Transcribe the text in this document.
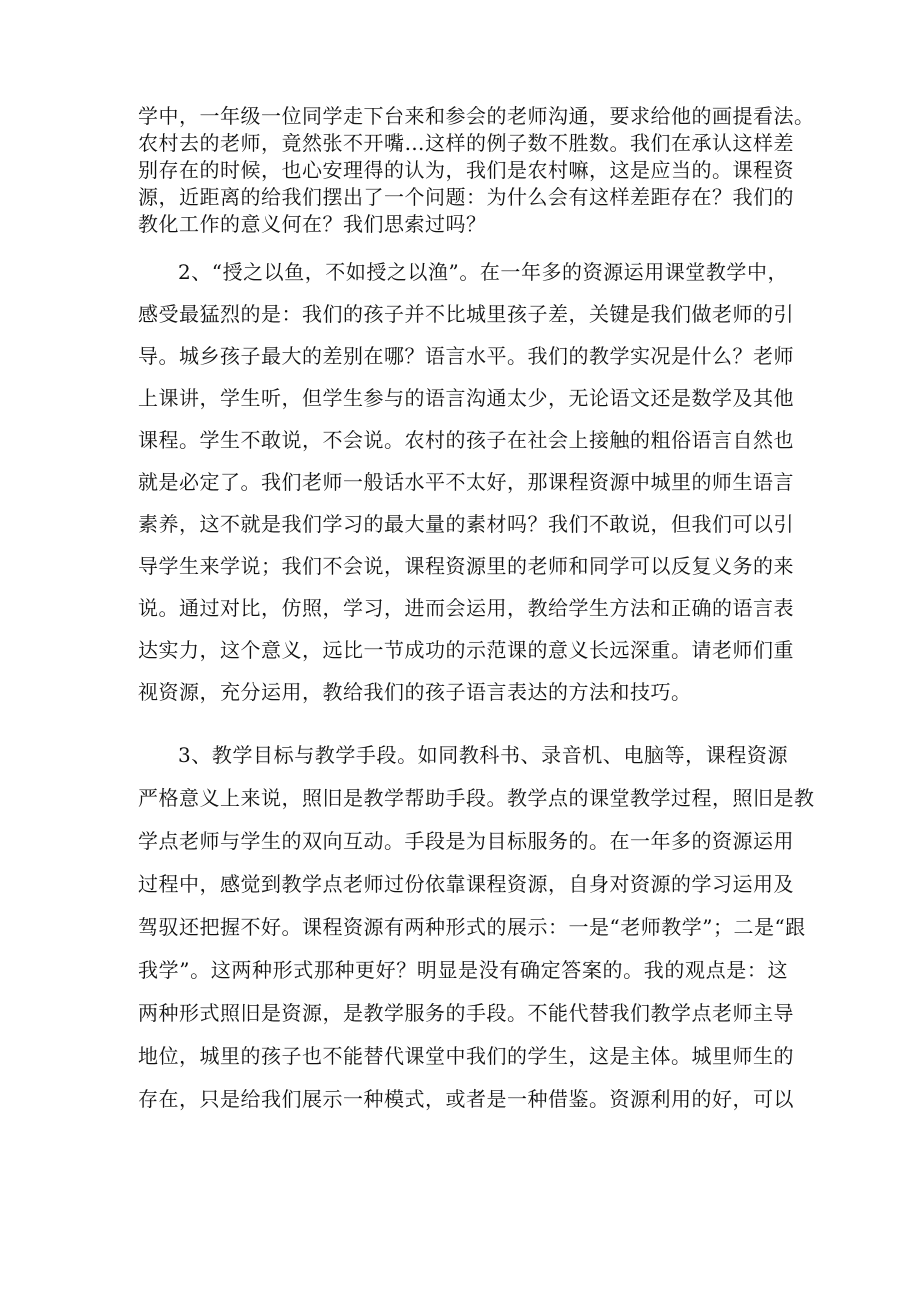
学中，一年级一位同学走下台来和参会的老师沟通，要求给他的画提看法。
农村去的老师，竟然张不开嘴…这样的例子数不胜数。我们在承认这样差
别存在的时候，也心安理得的认为，我们是农村嘛，这是应当的。课程资
源，近距离的给我们摆出了一个问题：为什么会有这样差距存在？我们的
教化工作的意义何在？我们思索过吗？
2、“授之以鱼，不如授之以渔”。在一年多的资源运用课堂教学中，
感受最猛烈的是：我们的孩子并不比城里孩子差，关键是我们做老师的引
导。城乡孩子最大的差别在哪？语言水平。我们的教学实况是什么？老师
上课讲，学生听，但学生参与的语言沟通太少，无论语文还是数学及其他
课程。学生不敢说，不会说。农村的孩子在社会上接触的粗俗语言自然也
就是必定了。我们老师一般话水平不太好，那课程资源中城里的师生语言
素养，这不就是我们学习的最大量的素材吗？我们不敢说，但我们可以引
导学生来学说；我们不会说，课程资源里的老师和同学可以反复义务的来
说。通过对比，仿照，学习，进而会运用，教给学生方法和正确的语言表
达实力，这个意义，远比一节成功的示范课的意义长远深重。请老师们重
视资源，充分运用，教给我们的孩子语言表达的方法和技巧。
3、教学目标与教学手段。如同教科书、录音机、电脑等，课程资源
严格意义上来说，照旧是教学帮助手段。教学点的课堂教学过程，照旧是教
学点老师与学生的双向互动。手段是为目标服务的。在一年多的资源运用
过程中，感觉到教学点老师过份依靠课程资源，自身对资源的学习运用及
驾驭还把握不好。课程资源有两种形式的展示：一是“老师教学”；二是“跟
我学”。这两种形式那种更好？明显是没有确定答案的。我的观点是：这
两种形式照旧是资源，是教学服务的手段。不能代替我们教学点老师主导
地位，城里的孩子也不能替代课堂中我们的学生，这是主体。城里师生的
存在，只是给我们展示一种模式，或者是一种借鉴。资源利用的好，可以
